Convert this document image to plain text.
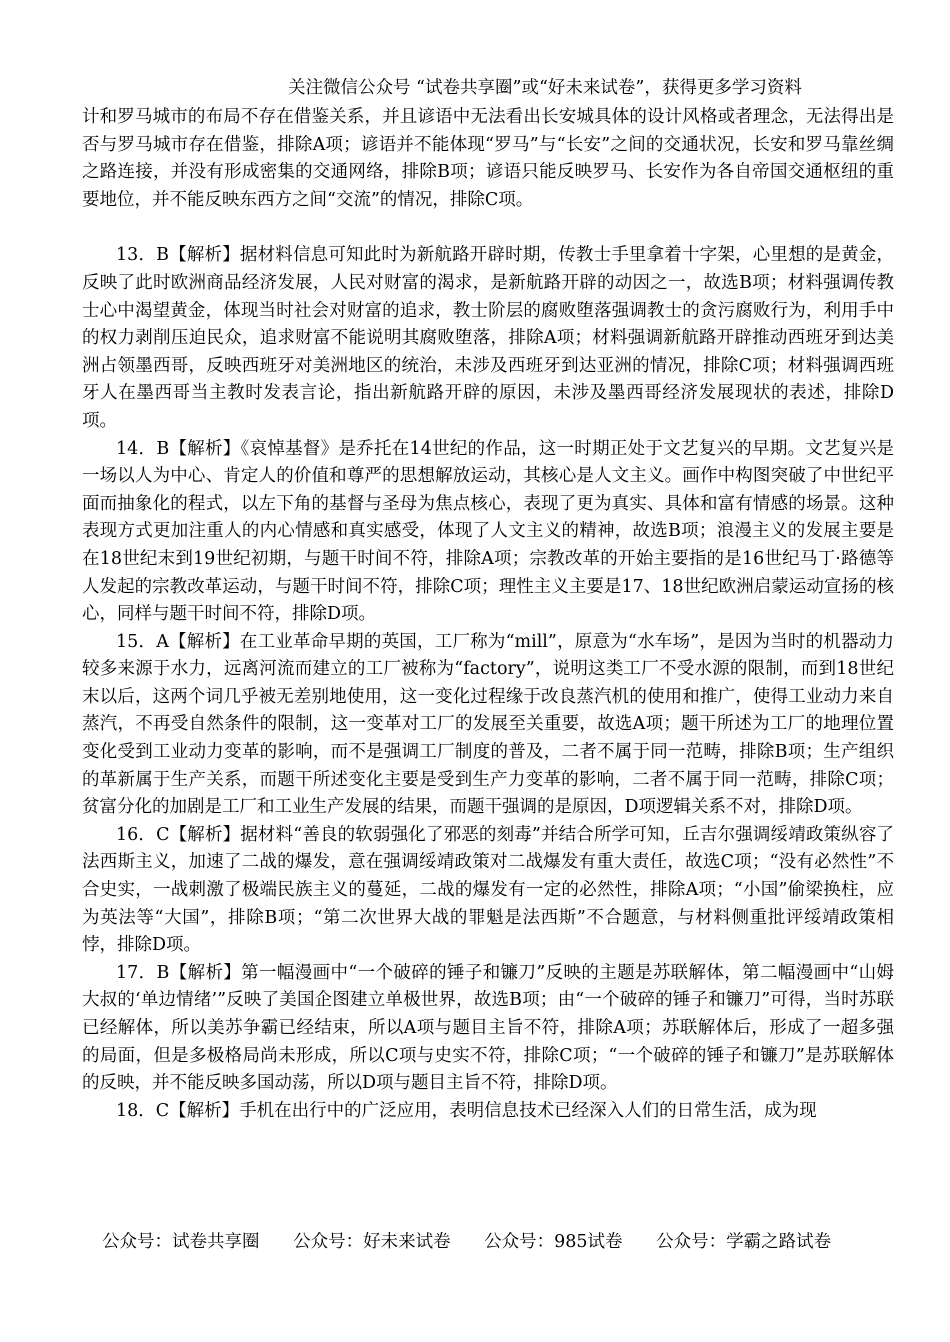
关注微信公众号 “试卷共享圈”或“好未来试卷”，获得更多学习资料

计和罗马城市的布局不存在借鉴关系，并且谚语中无法看出长安城具体的设计风格或者理念，无法得出是否与罗马城市存在借鉴，排除A项；谚语并不能体现“罗马”与“长安”之间的交通状况，长安和罗马靠丝绸之路连接，并没有形成密集的交通网络，排除B项；谚语只能反映罗马、长安作为各自帝国交通枢纽的重要地位，并不能反映东西方之间“交流”的情况，排除C项。

13．B【解析】据材料信息可知此时为新航路开辟时期，传教士手里拿着十字架，心里想的是黄金，反映了此时欧洲商品经济发展，人民对财富的渴求，是新航路开辟的动因之一，故选B项；材料强调传教士心中渴望黄金，体现当时社会对财富的追求，教士阶层的腐败堕落强调教士的贪污腐败行为，利用手中的权力剥削压迫民众，追求财富不能说明其腐败堕落，排除A项；材料强调新航路开辟推动西班牙到达美洲占领墨西哥，反映西班牙对美洲地区的统治，未涉及西班牙到达亚洲的情况，排除C项；材料强调西班牙人在墨西哥当主教时发表言论，指出新航路开辟的原因，未涉及墨西哥经济发展现状的表述，排除D项。

14．B【解析】《哀悼基督》是乔托在14世纪的作品，这一时期正处于文艺复兴的早期。文艺复兴是一场以人为中心、肯定人的价值和尊严的思想解放运动，其核心是人文主义。画作中构图突破了中世纪平面而抽象化的程式，以左下角的基督与圣母为焦点核心，表现了更为真实、具体和富有情感的场景。这种表现方式更加注重人的内心情感和真实感受，体现了人文主义的精神，故选B项；浪漫主义的发展主要是在18世纪末到19世纪初期，与题干时间不符，排除A项；宗教改革的开始主要指的是16世纪马丁·路德等人发起的宗教改革运动，与题干时间不符，排除C项；理性主义主要是17、18世纪欧洲启蒙运动宣扬的核心，同样与题干时间不符，排除D项。

15．A【解析】在工业革命早期的英国，工厂称为“mill”，原意为“水车场”，是因为当时的机器动力较多来源于水力，远离河流而建立的工厂被称为“factory”，说明这类工厂不受水源的限制，而到18世纪末以后，这两个词几乎被无差别地使用，这一变化过程缘于改良蒸汽机的使用和推广，使得工业动力来自蒸汽，不再受自然条件的限制，这一变革对工厂的发展至关重要，故选A项；题干所述为工厂的地理位置变化受到工业动力变革的影响，而不是强调工厂制度的普及，二者不属于同一范畴，排除B项；生产组织的革新属于生产关系，而题干所述变化主要是受到生产力变革的影响，二者不属于同一范畴，排除C项；贫富分化的加剧是工厂和工业生产发展的结果，而题干强调的是原因，D项逻辑关系不对，排除D项。

16．C【解析】据材料“善良的软弱强化了邪恶的刻毒”并结合所学可知，丘吉尔强调绥靖政策纵容了法西斯主义，加速了二战的爆发，意在强调绥靖政策对二战爆发有重大责任，故选C项；“没有必然性”不合史实，一战刺激了极端民族主义的蔓延，二战的爆发有一定的必然性，排除A项；“小国”偷梁换柱，应为英法等“大国”，排除B项；“第二次世界大战的罪魁是法西斯”不合题意，与材料侧重批评绥靖政策相悖，排除D项。

17．B【解析】第一幅漫画中“一个破碎的锤子和镰刀”反映的主题是苏联解体，第二幅漫画中“山姆大叔的‘单边情绪’”反映了美国企图建立单极世界，故选B项；由“一个破碎的锤子和镰刀”可得，当时苏联已经解体，所以美苏争霸已经结束，所以A项与题目主旨不符，排除A项；苏联解体后，形成了一超多强的局面，但是多极格局尚未形成，所以C项与史实不符，排除C项；“一个破碎的锤子和镰刀”是苏联解体的反映，并不能反映多国动荡，所以D项与题目主旨不符，排除D项。

18．C【解析】手机在出行中的广泛应用，表明信息技术已经深入人们的日常生活，成为现

公众号：试卷共享圈 公众号：好未来试卷 公众号：985试卷 公众号：学霸之路试卷
